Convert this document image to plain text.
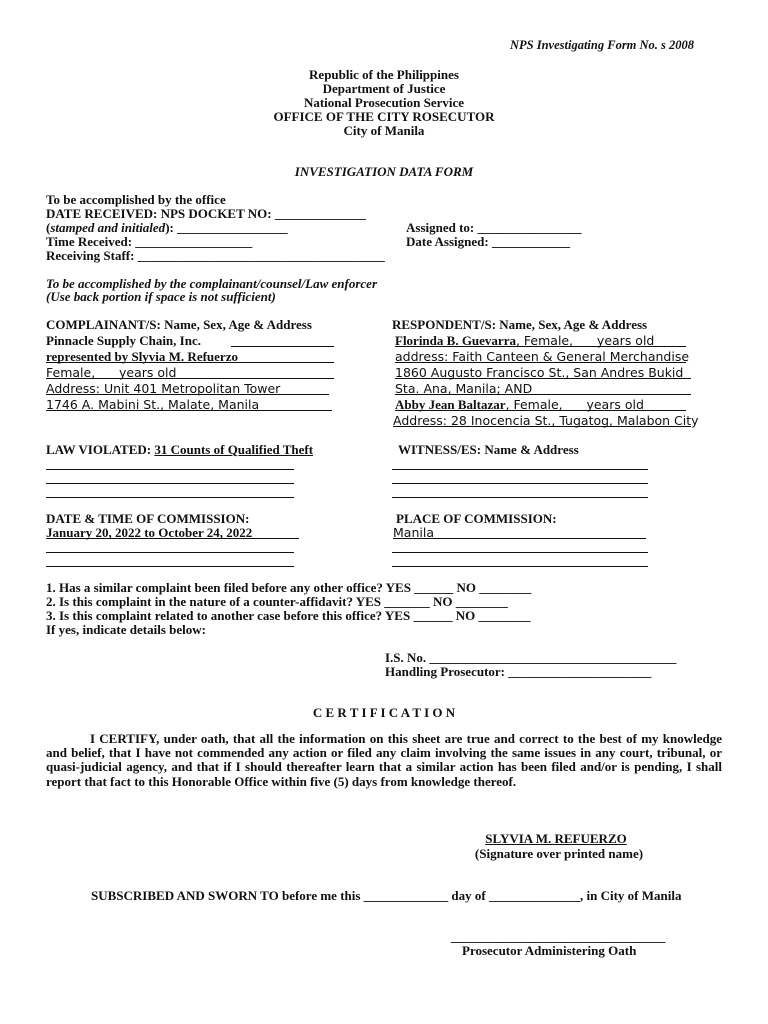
NPS Investigating Form No. s 2008
Republic of the Philippines
Department of Justice
National Prosecution Service
OFFICE OF THE CITY ROSECUTOR
City of Manila
INVESTIGATION DATA FORM
To be accomplished by the office
DATE RECEIVED: NPS DOCKET NO: ______________
(stamped and initialed): _________________	Assigned to: ________________
Time Received: __________________	Date Assigned: ____________
Receiving Staff: ______________________________________
To be accomplished by the complainant/counsel/Law enforcer
(Use back portion if space is not sufficient)
COMPLAINANT/S: Name, Sex, Age & Address
Pinnacle Supply Chain, Inc.
represented by Slyvia M. Refuerzo
Female,      years old
Address: Unit 401 Metropolitan Tower
1746 A. Mabini St., Malate, Manila
RESPONDENT/S: Name, Sex, Age & Address
Florinda B. Guevarra, Female,      years old
address: Faith Canteen & General Merchandise
1860 Augusto Francisco St., San Andres Bukid
Sta. Ana, Manila; AND
Abby Jean Baltazar, Female,      years old
Address: 28 Inocencia St., Tugatog, Malabon City
LAW VIOLATED: 31 Counts of Qualified Theft	WITNESS/ES: Name & Address
DATE & TIME OF COMMISSION:	PLACE OF COMMISSION:
January 20, 2022 to October 24, 2022	Manila
1. Has a similar complaint been filed before any other office? YES ______ NO ________
2. Is this complaint in the nature of a counter-affidavit? YES _______ NO ________
3. Is this complaint related to another case before this office? YES ______ NO ________
If yes, indicate details below:
I.S. No. ______________________________________
Handling Prosecutor: ______________________
C E R T I F I C A T I O N
I CERTIFY, under oath, that all the information on this sheet are true and correct to the best of my knowledge and belief, that I have not commended any action or filed any claim involving the same issues in any court, tribunal, or quasi-judicial agency, and that if I should thereafter learn that a similar action has been filed and/or is pending, I shall report that fact to this Honorable Office within five (5) days from knowledge thereof.
SLYVIA M. REFUERZO
(Signature over printed name)
SUBSCRIBED AND SWORN TO before me this _____________ day of ______________, in City of Manila
_________________________________
Prosecutor Administering Oath
